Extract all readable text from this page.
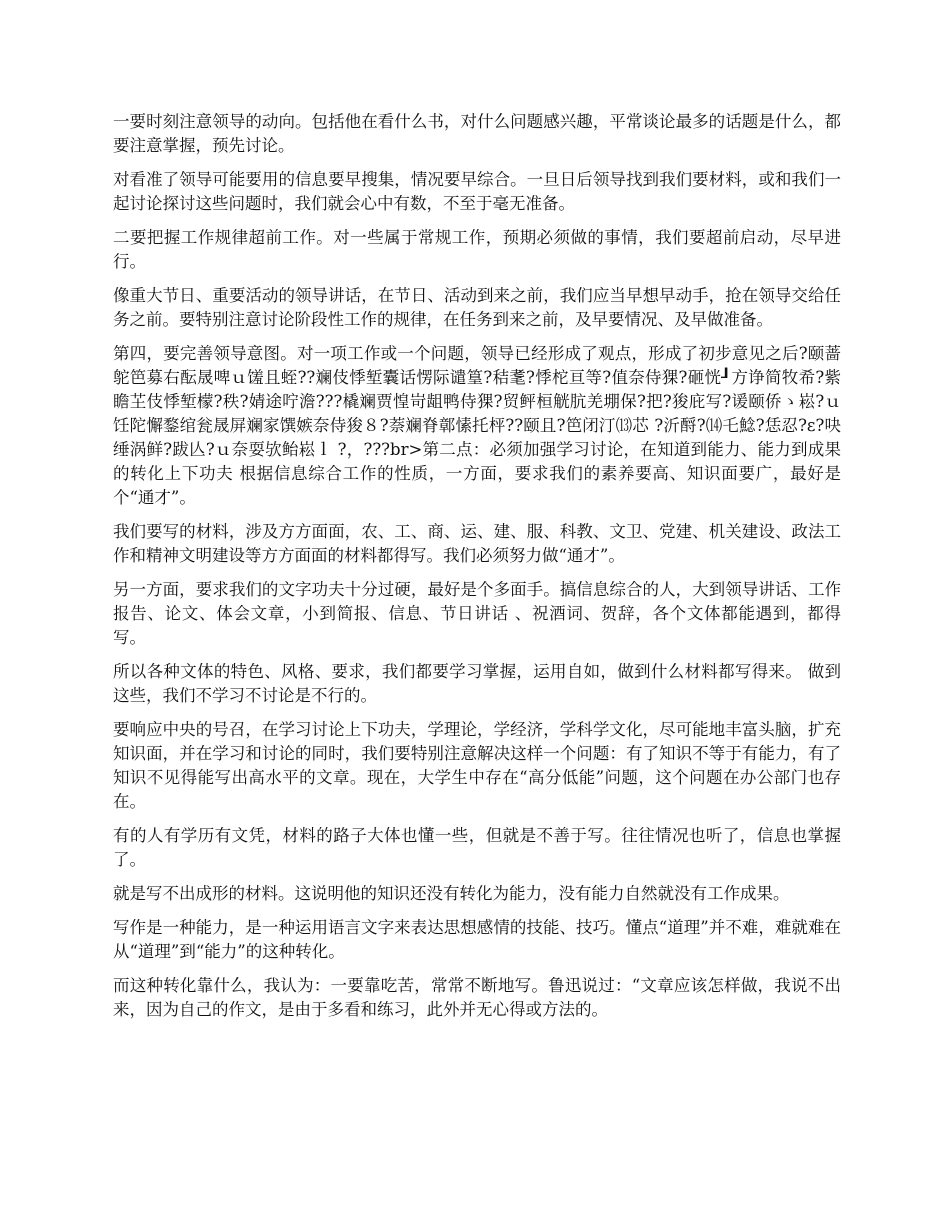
一要时刻注意领导的动向。包括他在看什么书，对什么问题感兴趣，平常谈论最多的话题是什么，都要注意掌握，预先讨论。

对看准了领导可能要用的信息要早搜集，情况要早综合。一旦日后领导找到我们要材料，或和我们一起讨论探讨这些问题时，我们就会心中有数，不至于毫无准备。

二要把握工作规律超前工作。对一些属于常规工作，预期必须做的事情，我们要超前启动，尽早进行。

像重大节日、重要活动的领导讲话，在节日、活动到来之前，我们应当早想早动手，抢在领导交给任务之前。要特别注意讨论阶段性工作的规律，在任务到来之前，及早要情况、及早做准备。

第四，要完善领导意图。对一项工作或一个问题，领导已经形成了观点，形成了初步意见之后?颐蔷鸵笆募右酝晟啤ｕ馐且蛭??斓伎悸堑囊话愣际谴篁?秸耄?悸柁亘等?值奈侍猓?砸恍┚方诤简牧希?紫瞻芏伎悸堑檬?秩?婧途咛澹???橇斓贾惶岢龃鸭侍猓?贸鲆桓觥肮羌堋保?把?狻庇写?谖颐侨ゝ崧?ｕ饪陀懈鍪绾瓮晟屏斓家馔嫉奈侍狻８?萘斓脊鄣愫托枰??颐且?笆闭汀⒀芯 ?沂酹?⒁乇鯰?恁忍?ε?吷缍涡鲜?跋亾?ｕ奈耍欤鲐崧ｌ ?，???br>第二点：必须加强学习讨论，在知道到能力、能力到成果的转化上下功夫 根据信息综合工作的性质，一方面，要求我们的素养要高、知识面要广，最好是个“通才”。

我们要写的材料，涉及方方面面，农、工、商、运、建、服、科教、文卫、党建、机关建设、政法工作和精神文明建设等方方面面的材料都得写。我们必须努力做“通才”。

另一方面，要求我们的文字功夫十分过硬，最好是个多面手。搞信息综合的人，大到领导讲话、工作报告、论文、体会文章，小到简报、信息、节日讲话 、祝酒词、贺辞，各个文体都能遇到，都得写。

所以各种文体的特色、风格、要求，我们都要学习掌握，运用自如，做到什么材料都写得来。 做到这些，我们不学习不讨论是不行的。

要响应中央的号召，在学习讨论上下功夫，学理论，学经济，学科学文化，尽可能地丰富头脑，扩充知识面，并在学习和讨论的同时，我们要特别注意解决这样一个问题：有了知识不等于有能力，有了知识不见得能写出高水平的文章。现在，大学生中存在“高分低能”问题，这个问题在办公部门也存在。

有的人有学历有文凭，材料的路子大体也懂一些，但就是不善于写。往往情况也听了，信息也掌握了。

就是写不出成形的材料。这说明他的知识还没有转化为能力，没有能力自然就没有工作成果。

写作是一种能力，是一种运用语言文字来表达思想感情的技能、技巧。懂点“道理”并不难，难就难在从“道理”到“能力”的这种转化。

而这种转化靠什么，我认为：一要靠吃苦，常常不断地写。鲁迅说过：“文章应该怎样做，我说不出来，因为自己的作文，是由于多看和练习，此外并无心得或方法的。
